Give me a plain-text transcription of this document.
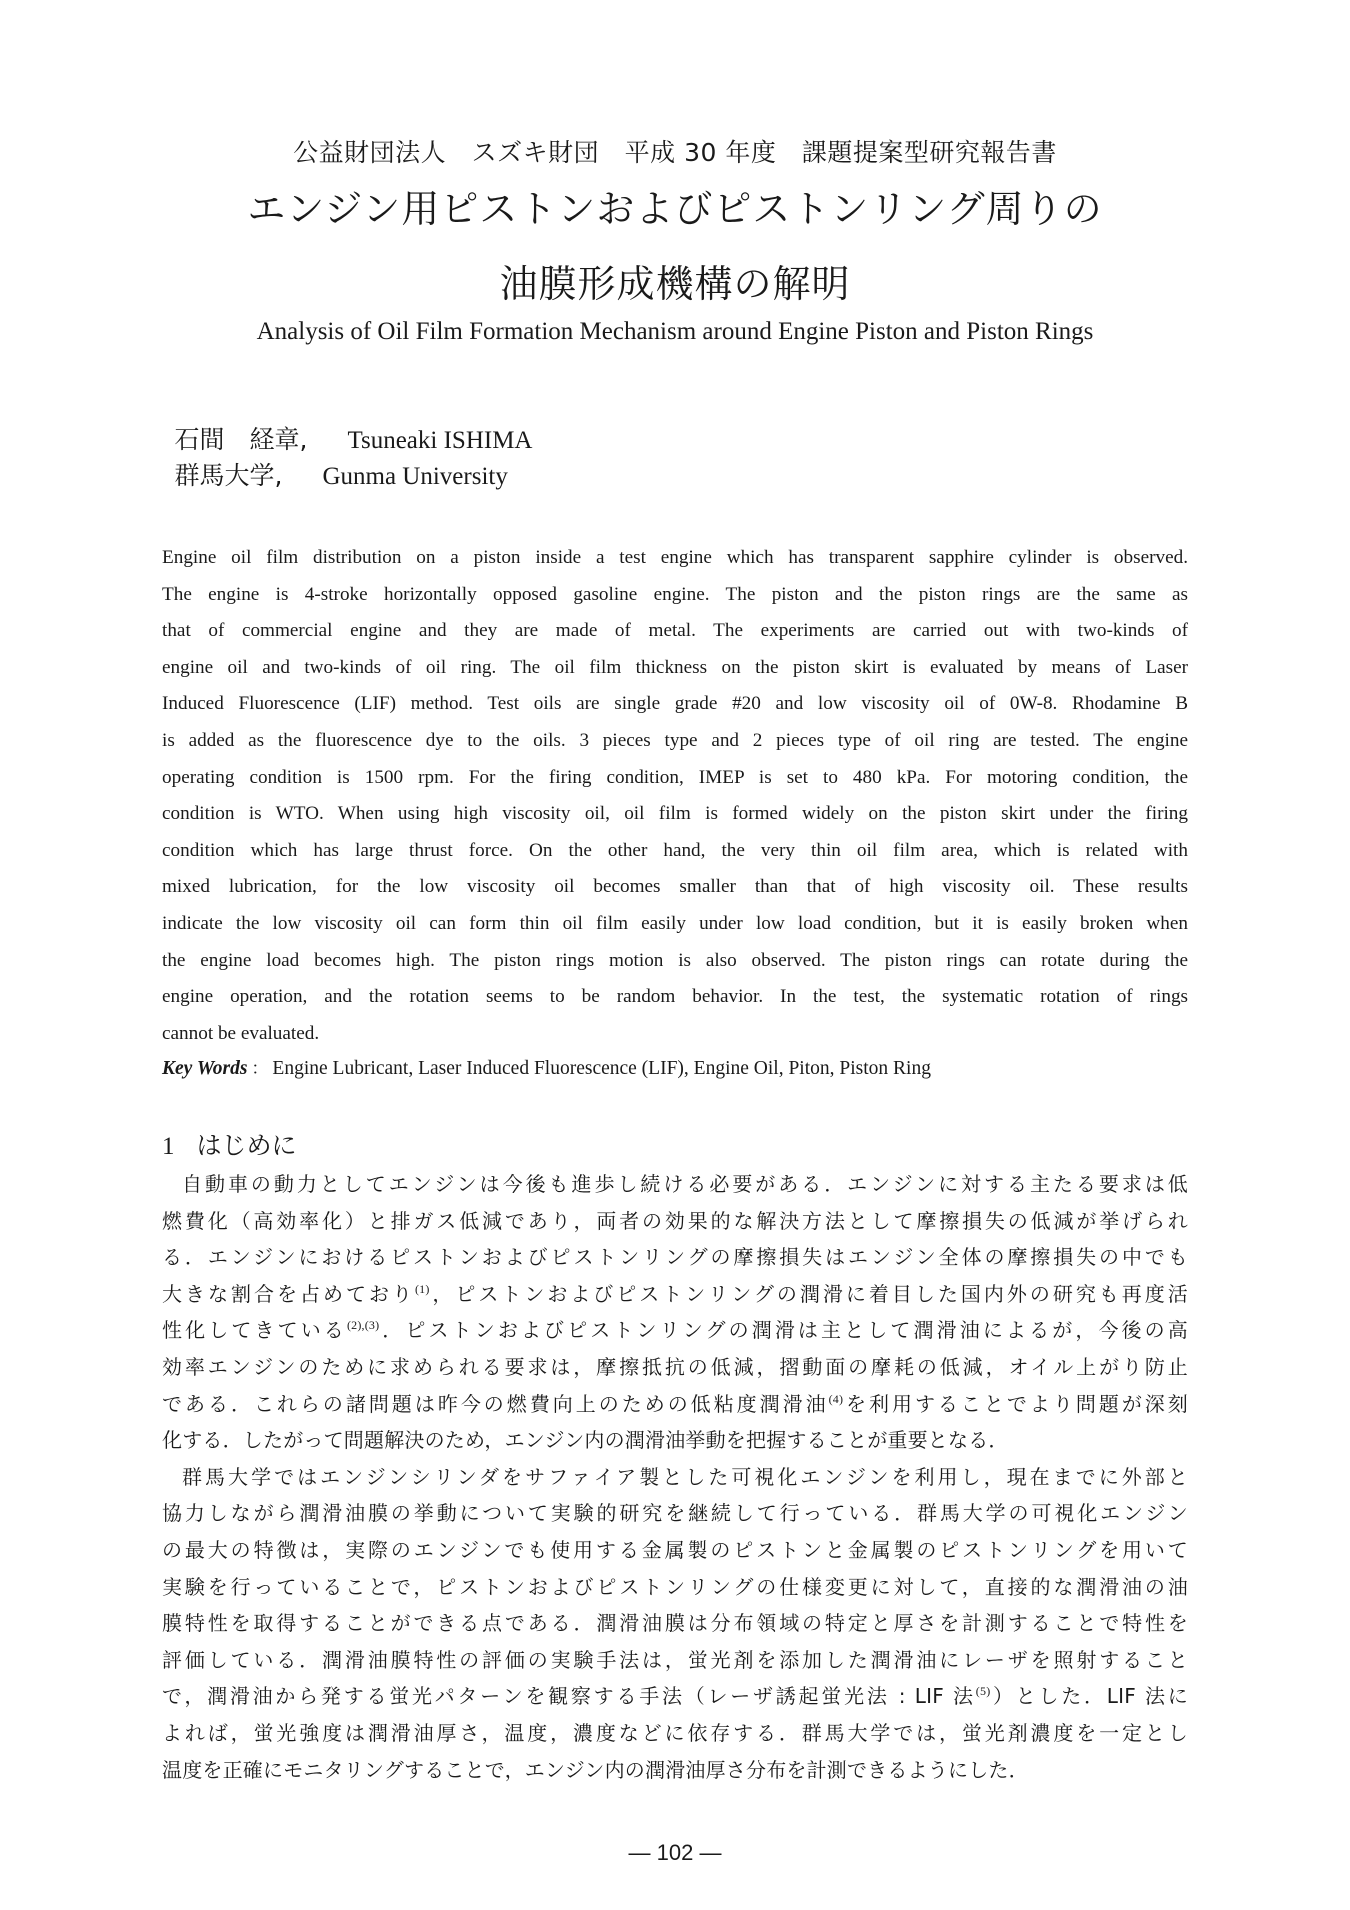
公益財団法人　スズキ財団　平成 30 年度　課題提案型研究報告書
エンジン用ピストンおよびピストンリング周りの
油膜形成機構の解明
Analysis of Oil Film Formation Mechanism around Engine Piston and Piston Rings

石間　経章, Tsuneaki ISHIMA

群馬大学, Gunma University

Engine oil film distribution on a piston inside a test engine which has transparent sapphire cylinder is observed.
The engine is 4-stroke horizontally opposed gasoline engine. The piston and the piston rings are the same as
that of commercial engine and they are made of metal. The experiments are carried out with two-kinds of
engine oil and two-kinds of oil ring. The oil film thickness on the piston skirt is evaluated by means of Laser
Induced Fluorescence (LIF) method. Test oils are single grade #20 and low viscosity oil of 0W-8. Rhodamine B
is added as the fluorescence dye to the oils. 3 pieces type and 2 pieces type of oil ring are tested. The engine
operating condition is 1500 rpm. For the firing condition, IMEP is set to 480 kPa. For motoring condition, the
condition is WTO. When using high viscosity oil, oil film is formed widely on the piston skirt under the firing
condition which has large thrust force. On the other hand, the very thin oil film area, which is related with
mixed lubrication, for the low viscosity oil becomes smaller than that of high viscosity oil. These results
indicate the low viscosity oil can form thin oil film easily under low load condition, but it is easily broken when
the engine load becomes high. The piston rings motion is also observed. The piston rings can rotate during the
engine operation, and the rotation seems to be random behavior. In the test, the systematic rotation of rings
cannot be evaluated.
Key Words ： Engine Lubricant, Laser Induced Fluorescence (LIF), Engine Oil, Piton, Piston Ring
1 はじめに
自動車の動力としてエンジンは今後も進歩し続ける必要がある．エンジンに対する主たる要求は低
燃費化（高効率化）と排ガス低減であり，両者の効果的な解決方法として摩擦損失の低減が挙げられ
る．エンジンにおけるピストンおよびピストンリングの摩擦損失はエンジン全体の摩擦損失の中でも
大きな割合を占めており$^{(1)}$，ピストンおよびピストンリングの潤滑に着目した国内外の研究も再度活
性化してきている$^{(2),(3)}$．ピストンおよびピストンリングの潤滑は主として潤滑油によるが，今後の高
効率エンジンのために求められる要求は，摩擦抵抗の低減，摺動面の摩耗の低減，オイル上がり防止
である．これらの諸問題は昨今の燃費向上のための低粘度潤滑油$^{(4)}$を利用することでより問題が深刻
化する．したがって問題解決のため，エンジン内の潤滑油挙動を把握することが重要となる．
群馬大学ではエンジンシリンダをサファイア製とした可視化エンジンを利用し，現在までに外部と
協力しながら潤滑油膜の挙動について実験的研究を継続して行っている．群馬大学の可視化エンジン
の最大の特徴は，実際のエンジンでも使用する金属製のピストンと金属製のピストンリングを用いて
実験を行っていることで，ピストンおよびピストンリングの仕様変更に対して，直接的な潤滑油の油
膜特性を取得することができる点である．潤滑油膜は分布領域の特定と厚さを計測することで特性を
評価している．潤滑油膜特性の評価の実験手法は，蛍光剤を添加した潤滑油にレーザを照射すること
で，潤滑油から発する蛍光パターンを観察する手法（レーザ誘起蛍光法 : LIF 法$^{(5)}$）とした．LIF 法に
よれば，蛍光強度は潤滑油厚さ，温度，濃度などに依存する．群馬大学では，蛍光剤濃度を一定とし
温度を正確にモニタリングすることで，エンジン内の潤滑油厚さ分布を計測できるようにした．
— 102 —
